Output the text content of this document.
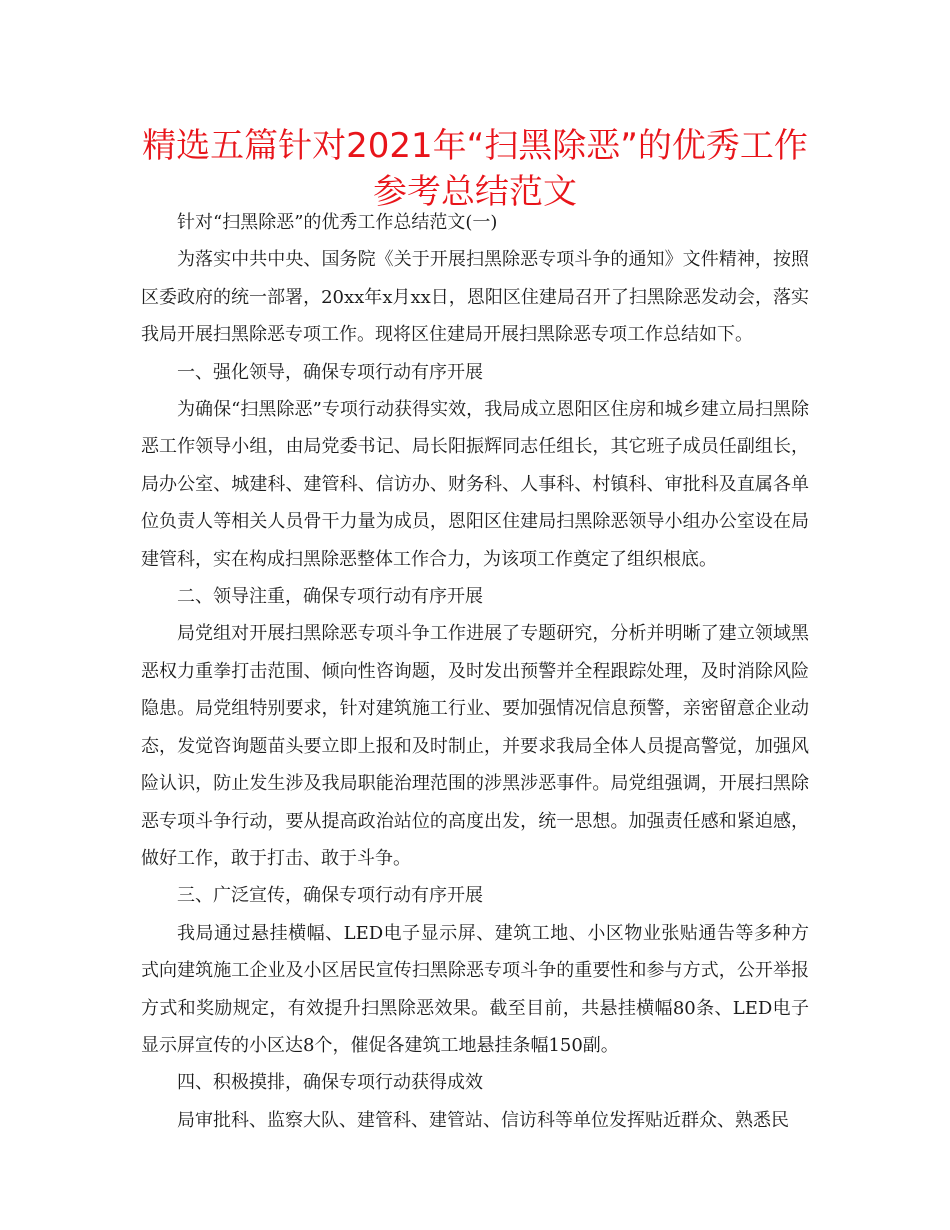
精选五篇针对2021年“扫黑除恶”的优秀工作
参考总结范文

针对“扫黑除恶”的优秀工作总结范文(一)

为落实中共中央、国务院《关于开展扫黑除恶专项斗争的通知》文件精神，按照区委政府的统一部署，20xx年x月xx日，恩阳区住建局召开了扫黑除恶发动会，落实我局开展扫黑除恶专项工作。现将区住建局开展扫黑除恶专项工作总结如下。

一、强化领导，确保专项行动有序开展

为确保“扫黑除恶”专项行动获得实效，我局成立恩阳区住房和城乡建立局扫黑除恶工作领导小组，由局党委书记、局长阳振辉同志任组长，其它班子成员任副组长，局办公室、城建科、建管科、信访办、财务科、人事科、村镇科、审批科及直属各单位负责人等相关人员骨干力量为成员，恩阳区住建局扫黑除恶领导小组办公室设在局建管科，实在构成扫黑除恶整体工作合力，为该项工作奠定了组织根底。

二、领导注重，确保专项行动有序开展

局党组对开展扫黑除恶专项斗争工作进展了专题研究，分析并明晰了建立领域黑恶权力重拳打击范围、倾向性咨询题，及时发出预警并全程跟踪处理，及时消除风险隐患。局党组特别要求，针对建筑施工行业、要加强情况信息预警，亲密留意企业动态，发觉咨询题苗头要立即上报和及时制止，并要求我局全体人员提高警觉，加强风险认识，防止发生涉及我局职能治理范围的涉黑涉恶事件。局党组强调，开展扫黑除恶专项斗争行动，要从提高政治站位的高度出发，统一思想。加强责任感和紧迫感，做好工作，敢于打击、敢于斗争。

三、广泛宣传，确保专项行动有序开展

我局通过悬挂横幅、LED电子显示屏、建筑工地、小区物业张贴通告等多种方式向建筑施工企业及小区居民宣传扫黑除恶专项斗争的重要性和参与方式，公开举报方式和奖励规定，有效提升扫黑除恶效果。截至目前，共悬挂横幅80条、LED电子显示屏宣传的小区达8个，催促各建筑工地悬挂条幅150副。

四、积极摸排，确保专项行动获得成效

局审批科、监察大队、建管科、建管站、信访科等单位发挥贴近群众、熟悉民
